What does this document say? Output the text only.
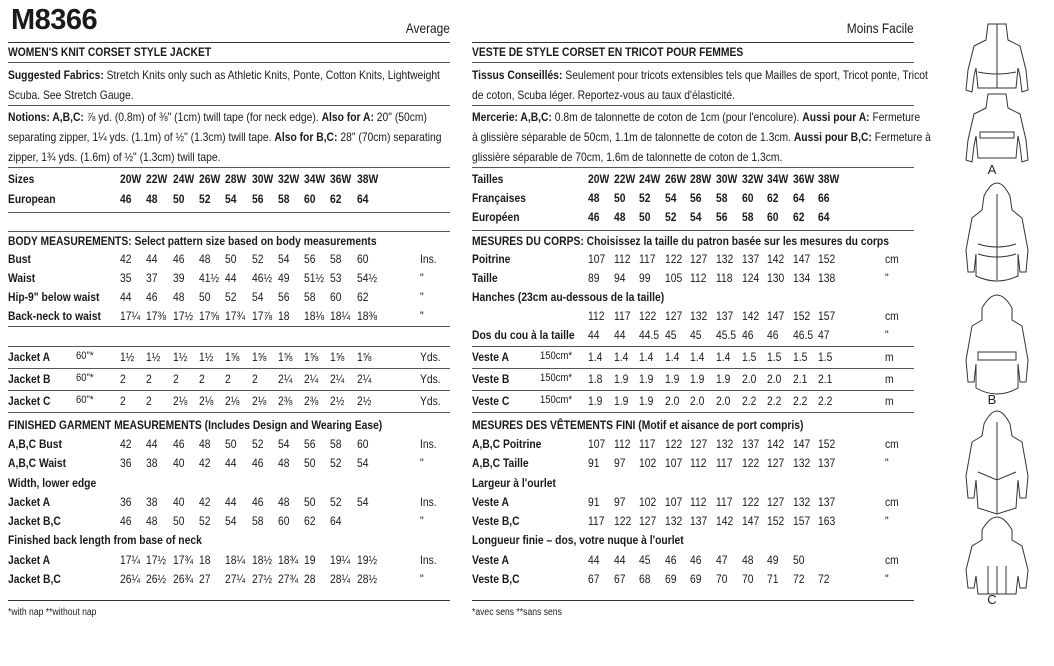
M8366	Average
WOMEN'S KNIT CORSET STYLE JACKET
Suggested Fabrics: Stretch Knits only such as Athletic Knits, Ponte, Cotton Knits, Lightweight
Scuba. See Stretch Gauge.
Notions: A,B,C: ⅞ yd. (0.8m) of ⅜" (1cm) twill tape (for neck edge). Also for A: 20" (50cm)
separating zipper, 1¼ yds. (1.1m) of ½" (1.3cm) twill tape. Also for B,C: 28" (70cm) separating
zipper, 1¾ yds. (1.6m) of ½" (1.3cm) twill tape.
Sizes	20W 22W 24W 26W 28W 30W 32W 34W 36W 38W
European	46 48 50 52 54 56 58 60 62 64
BODY MEASUREMENTS: Select pattern size based on body measurements
Bust	42 44 46 48 50 52 54 56 58 60	Ins.
Waist	35 37 39 41½ 44 46½ 49 51½ 53 54½	"
Hip-9" below waist 44 46 48 50 52 54 56 58 60 62	"
Back-neck to waist 17¼ 17⅜ 17½ 17⅝ 17¾ 17⅞ 18 18⅛ 18¼ 18⅜	"
Jacket A 60"* 1½ 1½ 1½ 1½ 1⅝ 1⅝ 1⅝ 1⅝ 1⅝ 1⅝	Yds.
Jacket B 60"* 2 2 2 2 2 2 2¼ 2¼ 2¼ 2¼	Yds.
Jacket C 60"* 2 2 2⅛ 2⅛ 2⅛ 2⅛ 2⅜ 2⅜ 2½ 2½	Yds.
FINISHED GARMENT MEASUREMENTS (Includes Design and Wearing Ease)
A,B,C Bust	42 44 46 48 50 52 54 56 58 60	Ins.
A,B,C Waist	36 38 40 42 44 46 48 50 52 54	"
Width, lower edge
Jacket A	36 38 40 42 44 46 48 50 52 54	Ins.
Jacket B,C	46 48 50 52 54 58 60 62 64	"
Finished back length from base of neck
Jacket A	17¼ 17½ 17¾ 18 18¼ 18½ 18¾ 19 19¼ 19½	Ins.
Jacket B,C	26¼ 26½ 26¾ 27 27¼ 27½ 27¾ 28 28¼ 28½	"
*with nap **without nap
Moins Facile
VESTE DE STYLE CORSET EN TRICOT POUR FEMMES
Tissus Conseillés: Seulement pour tricots extensibles tels que Mailles de sport, Tricot ponte, Tricot
de coton, Scuba léger. Reportez-vous au taux d'élasticité.
Mercerie: A,B,C: 0.8m de talonnette de coton de 1cm (pour l'encolure). Aussi pour A: Fermeture
à glissière séparable de 50cm, 1.1m de talonnette de coton de 1.3cm. Aussi pour B,C: Fermeture à
glissière séparable de 70cm, 1.6m de talonnette de coton de 1.3cm.
Tailles	20W 22W 24W 26W 28W 30W 32W 34W 36W 38W
Françaises	48 50 52 54 56 58 60 62 64 66
Européen	46 48 50 52 54 56 58 60 62 64
MESURES DU CORPS: Choisissez la taille du patron basée sur les mesures du corps
Poitrine	107 112 117 122 127 132 137 142 147 152	cm
Taille	89 94 99 105 112 118 124 130 134 138	"
Hanches (23cm au-dessous de la taille)
112 117 122 127 132 137 142 147 152 157	cm
Dos du cou à la taille 44 44 44.5 45 45 45.5 46 46 46.5 47	"
Veste A	150cm* 1.4 1.4 1.4 1.4 1.4 1.4 1.5 1.5 1.5 1.5	m
Veste B	150cm* 1.8 1.9 1.9 1.9 1.9 1.9 2.0 2.0 2.1 2.1	m
Veste C	150cm* 1.9 1.9 1.9 2.0 2.0 2.0 2.2 2.2 2.2 2.2	m
MESURES DES VÊTEMENTS FINI (Motif et aisance de port compris)
A,B,C Poitrine	107 112 117 122 127 132 137 142 147 152	cm
A,B,C Taille	91 97 102 107 112 117 122 127 132 137	"
Largeur à l'ourlet
Veste A	91 97 102 107 112 117 122 127 132 137	cm
Veste B,C	117 122 127 132 137 142 147 152 157 163	"
Longueur finie – dos, votre nuque à l'ourlet
Veste A	44 44 45 46 46 47 48 49 50	cm
Veste B,C	67 67 68 69 69 70 70 71 72 72	"
*avec sens **sans sens
A
B
C
